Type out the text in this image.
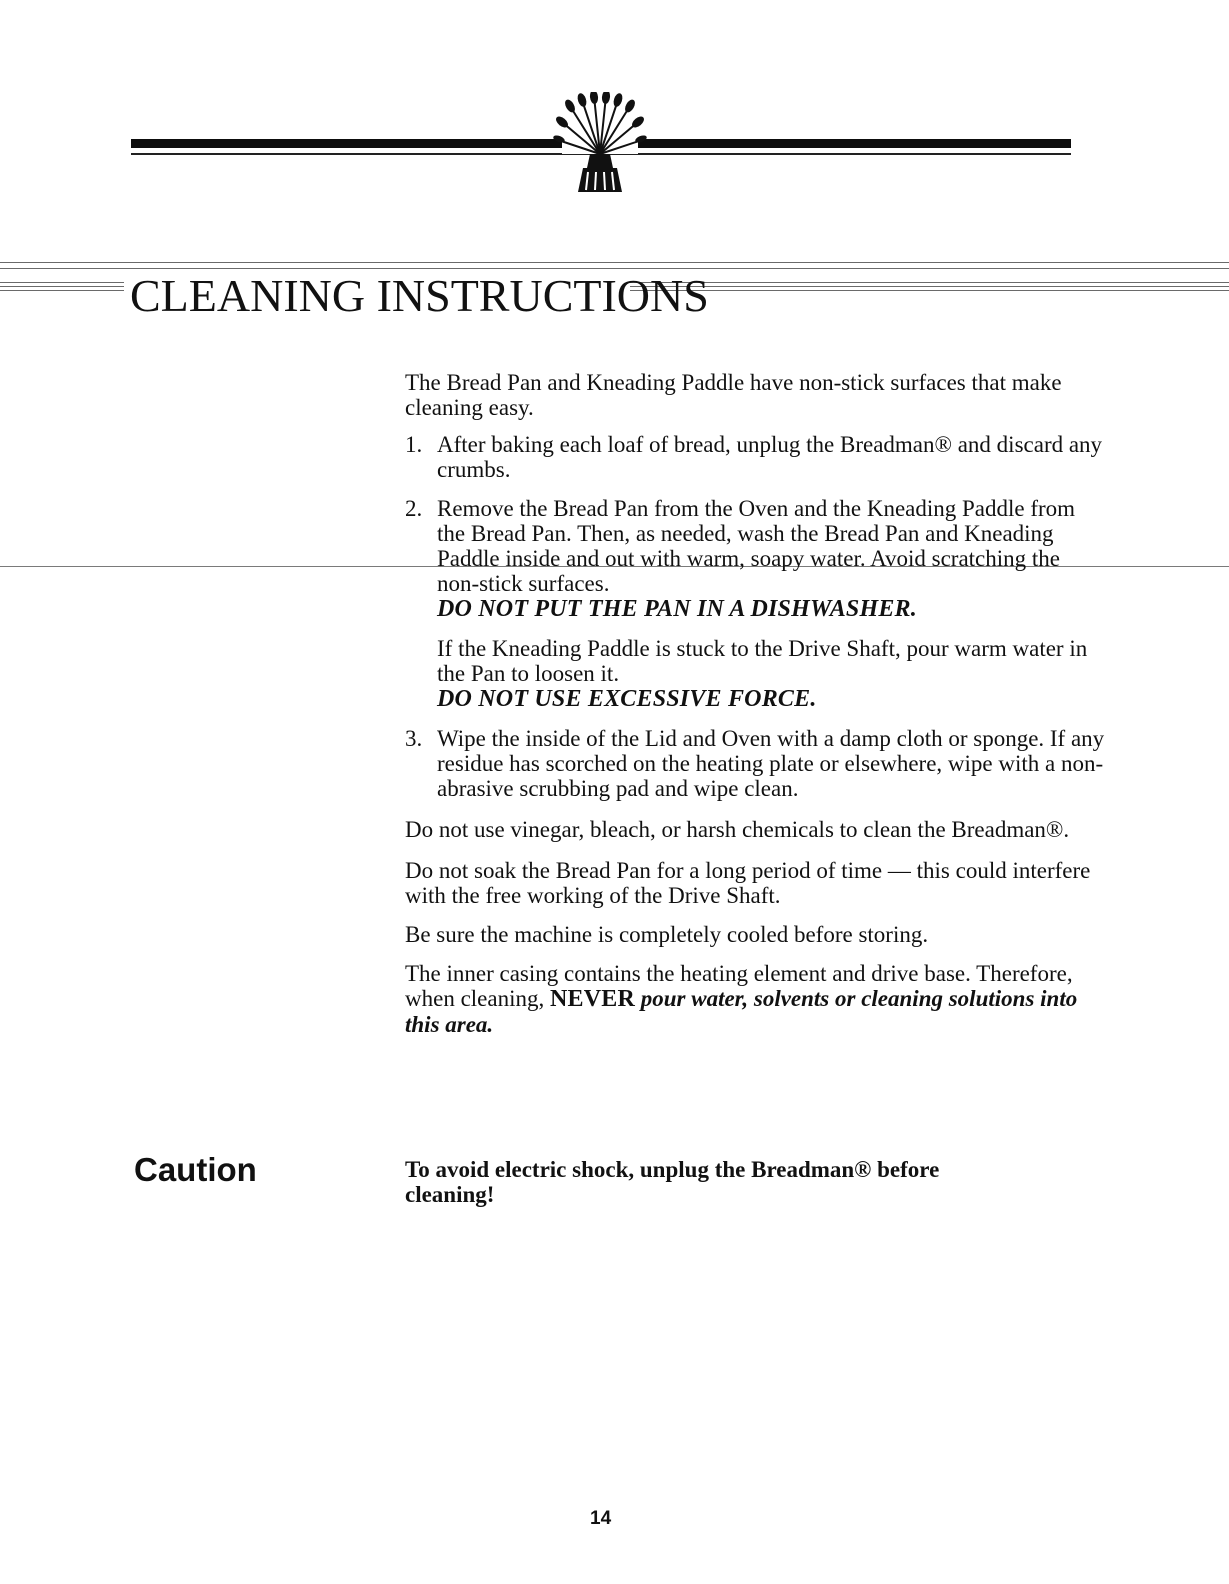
CLEANING INSTRUCTIONS

The Bread Pan and Kneading Paddle have non-stick surfaces that make cleaning easy.

1. After baking each loaf of bread, unplug the Breadman® and discard any crumbs.
2. Remove the Bread Pan from the Oven and the Kneading Paddle from the Bread Pan. Then, as needed, wash the Bread Pan and Kneading Paddle inside and out with warm, soapy water. Avoid scratching the non-stick surfaces.
DO NOT PUT THE PAN IN A DISHWASHER.
If the Kneading Paddle is stuck to the Drive Shaft, pour warm water in the Pan to loosen it.
DO NOT USE EXCESSIVE FORCE.
3. Wipe the inside of the Lid and Oven with a damp cloth or sponge. If any residue has scorched on the heating plate or elsewhere, wipe with a non-abrasive scrubbing pad and wipe clean.

Do not use vinegar, bleach, or harsh chemicals to clean the Breadman®.

Do not soak the Bread Pan for a long period of time — this could interfere with the free working of the Drive Shaft.

Be sure the machine is completely cooled before storing.

The inner casing contains the heating element and drive base. Therefore, when cleaning, NEVER pour water, solvents or cleaning solutions into this area.

Caution	To avoid electric shock, unplug the Breadman® before cleaning!

14
